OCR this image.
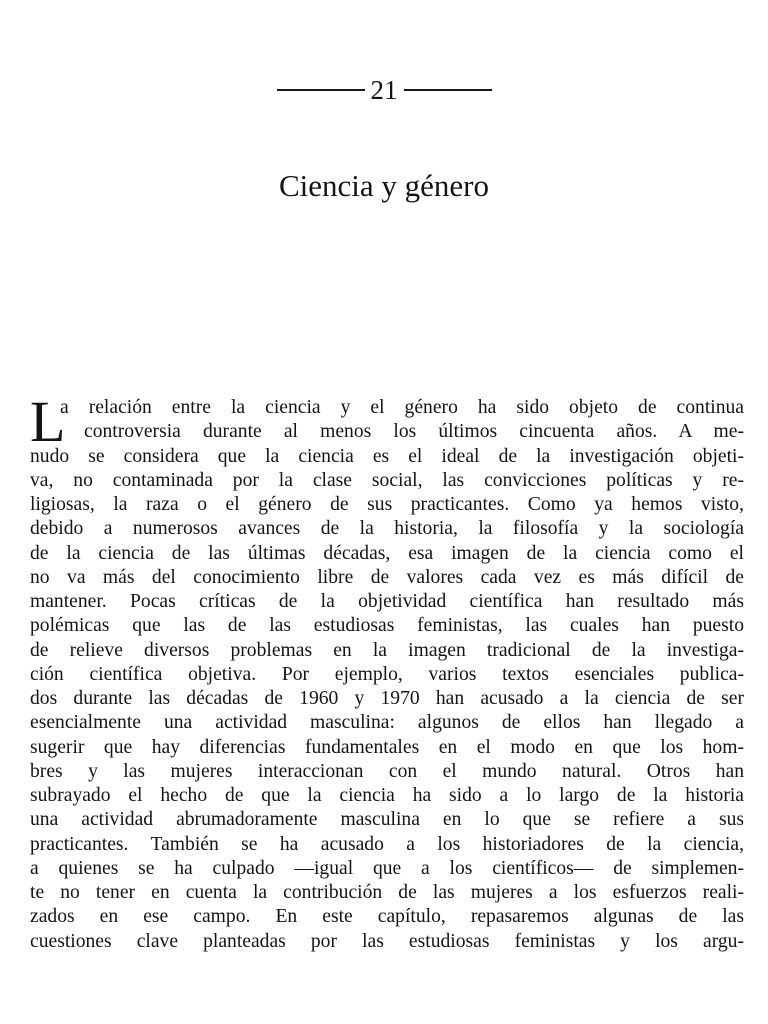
21
Ciencia y género
L
a relación entre la ciencia y el género ha sido objeto de continua
controversia durante al menos los últimos cincuenta años. A me-
nudo se considera que la ciencia es el ideal de la investigación objeti-
va, no contaminada por la clase social, las convicciones políticas y re-
ligiosas, la raza o el género de sus practicantes. Como ya hemos visto,
debido a numerosos avances de la historia, la filosofía y la sociología
de la ciencia de las últimas décadas, esa imagen de la ciencia como el
no va más del conocimiento libre de valores cada vez es más difícil de
mantener. Pocas críticas de la objetividad científica han resultado más
polémicas que las de las estudiosas feministas, las cuales han puesto
de relieve diversos problemas en la imagen tradicional de la investiga-
ción científica objetiva. Por ejemplo, varios textos esenciales publica-
dos durante las décadas de 1960 y 1970 han acusado a la ciencia de ser
esencialmente una actividad masculina: algunos de ellos han llegado a
sugerir que hay diferencias fundamentales en el modo en que los hom-
bres y las mujeres interaccionan con el mundo natural. Otros han
subrayado el hecho de que la ciencia ha sido a lo largo de la historia
una actividad abrumadoramente masculina en lo que se refiere a sus
practicantes. También se ha acusado a los historiadores de la ciencia,
a quienes se ha culpado —igual que a los científicos— de simplemen-
te no tener en cuenta la contribución de las mujeres a los esfuerzos reali-
zados en ese campo. En este capítulo, repasaremos algunas de las
cuestiones clave planteadas por las estudiosas feministas y los argu-
